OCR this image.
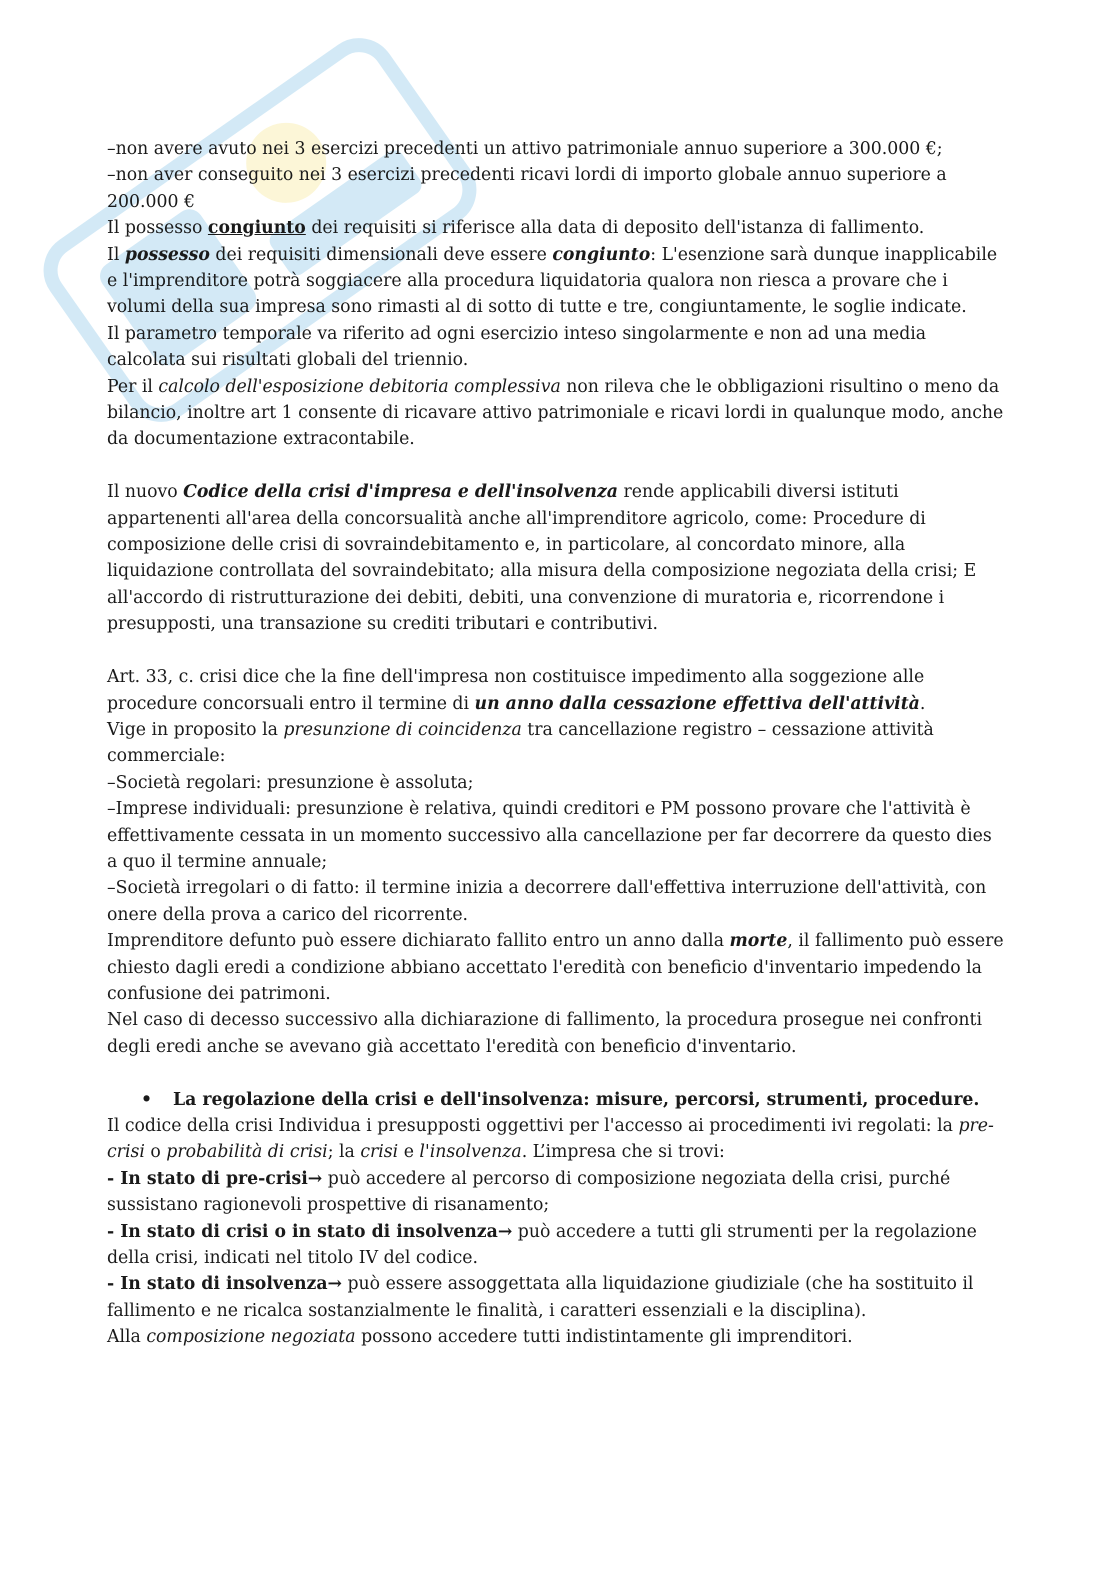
–non avere avuto nei 3 esercizi precedenti un attivo patrimoniale annuo superiore a 300.000 €;

–non aver conseguito nei 3 esercizi precedenti ricavi lordi di importo globale annuo superiore a 200.000 €

Il possesso congiunto dei requisiti si riferisce alla data di deposito dell'istanza di fallimento.

Il possesso dei requisiti dimensionali deve essere congiunto: L'esenzione sarà dunque inapplicabile e l'imprenditore potrà soggiacere alla procedura liquidatoria qualora non riesca a provare che i volumi della sua impresa sono rimasti al di sotto di tutte e tre, congiuntamente, le soglie indicate.

Il parametro temporale va riferito ad ogni esercizio inteso singolarmente e non ad una media calcolata sui risultati globali del triennio.

Per il calcolo dell'esposizione debitoria complessiva non rileva che le obbligazioni risultino o meno da bilancio, inoltre art 1 consente di ricavare attivo patrimoniale e ricavi lordi in qualunque modo, anche da documentazione extracontabile.

Il nuovo Codice della crisi d'impresa e dell'insolvenza rende applicabili diversi istituti appartenenti all'area della concorsualità anche all'imprenditore agricolo, come: Procedure di composizione delle crisi di sovraindebitamento e, in particolare, al concordato minore, alla liquidazione controllata del sovraindebitato; alla misura della composizione negoziata della crisi; E all'accordo di ristrutturazione dei debiti, debiti, una convenzione di muratoria e, ricorrendone i presupposti, una transazione su crediti tributari e contributivi.

Art. 33, c. crisi dice che la fine dell'impresa non costituisce impedimento alla soggezione alle procedure concorsuali entro il termine di un anno dalla cessazione effettiva dell'attività.

Vige in proposito la presunzione di coincidenza tra cancellazione registro – cessazione attività commerciale:

–Società regolari: presunzione è assoluta;

–Imprese individuali: presunzione è relativa, quindi creditori e PM possono provare che l'attività è effettivamente cessata in un momento successivo alla cancellazione per far decorrere da questo dies a quo il termine annuale;

–Società irregolari o di fatto: il termine inizia a decorrere dall'effettiva interruzione dell'attività, con onere della prova a carico del ricorrente.

Imprenditore defunto può essere dichiarato fallito entro un anno dalla morte, il fallimento può essere chiesto dagli eredi a condizione abbiano accettato l'eredità con beneficio d'inventario impedendo la confusione dei patrimoni.

Nel caso di decesso successivo alla dichiarazione di fallimento, la procedura prosegue nei confronti degli eredi anche se avevano già accettato l'eredità con beneficio d'inventario.

• La regolazione della crisi e dell'insolvenza: misure, percorsi, strumenti, procedure.

Il codice della crisi Individua i presupposti oggettivi per l'accesso ai procedimenti ivi regolati: la pre-crisi o probabilità di crisi; la crisi e l'insolvenza. L’impresa che si trovi:

- In stato di pre-crisi→ può accedere al percorso di composizione negoziata della crisi, purché sussistano ragionevoli prospettive di risanamento;

- In stato di crisi o in stato di insolvenza→ può accedere a tutti gli strumenti per la regolazione della crisi, indicati nel titolo IV del codice.

- In stato di insolvenza→ può essere assoggettata alla liquidazione giudiziale (che ha sostituito il fallimento e ne ricalca sostanzialmente le finalità, i caratteri essenziali e la disciplina).

Alla composizione negoziata possono accedere tutti indistintamente gli imprenditori.
